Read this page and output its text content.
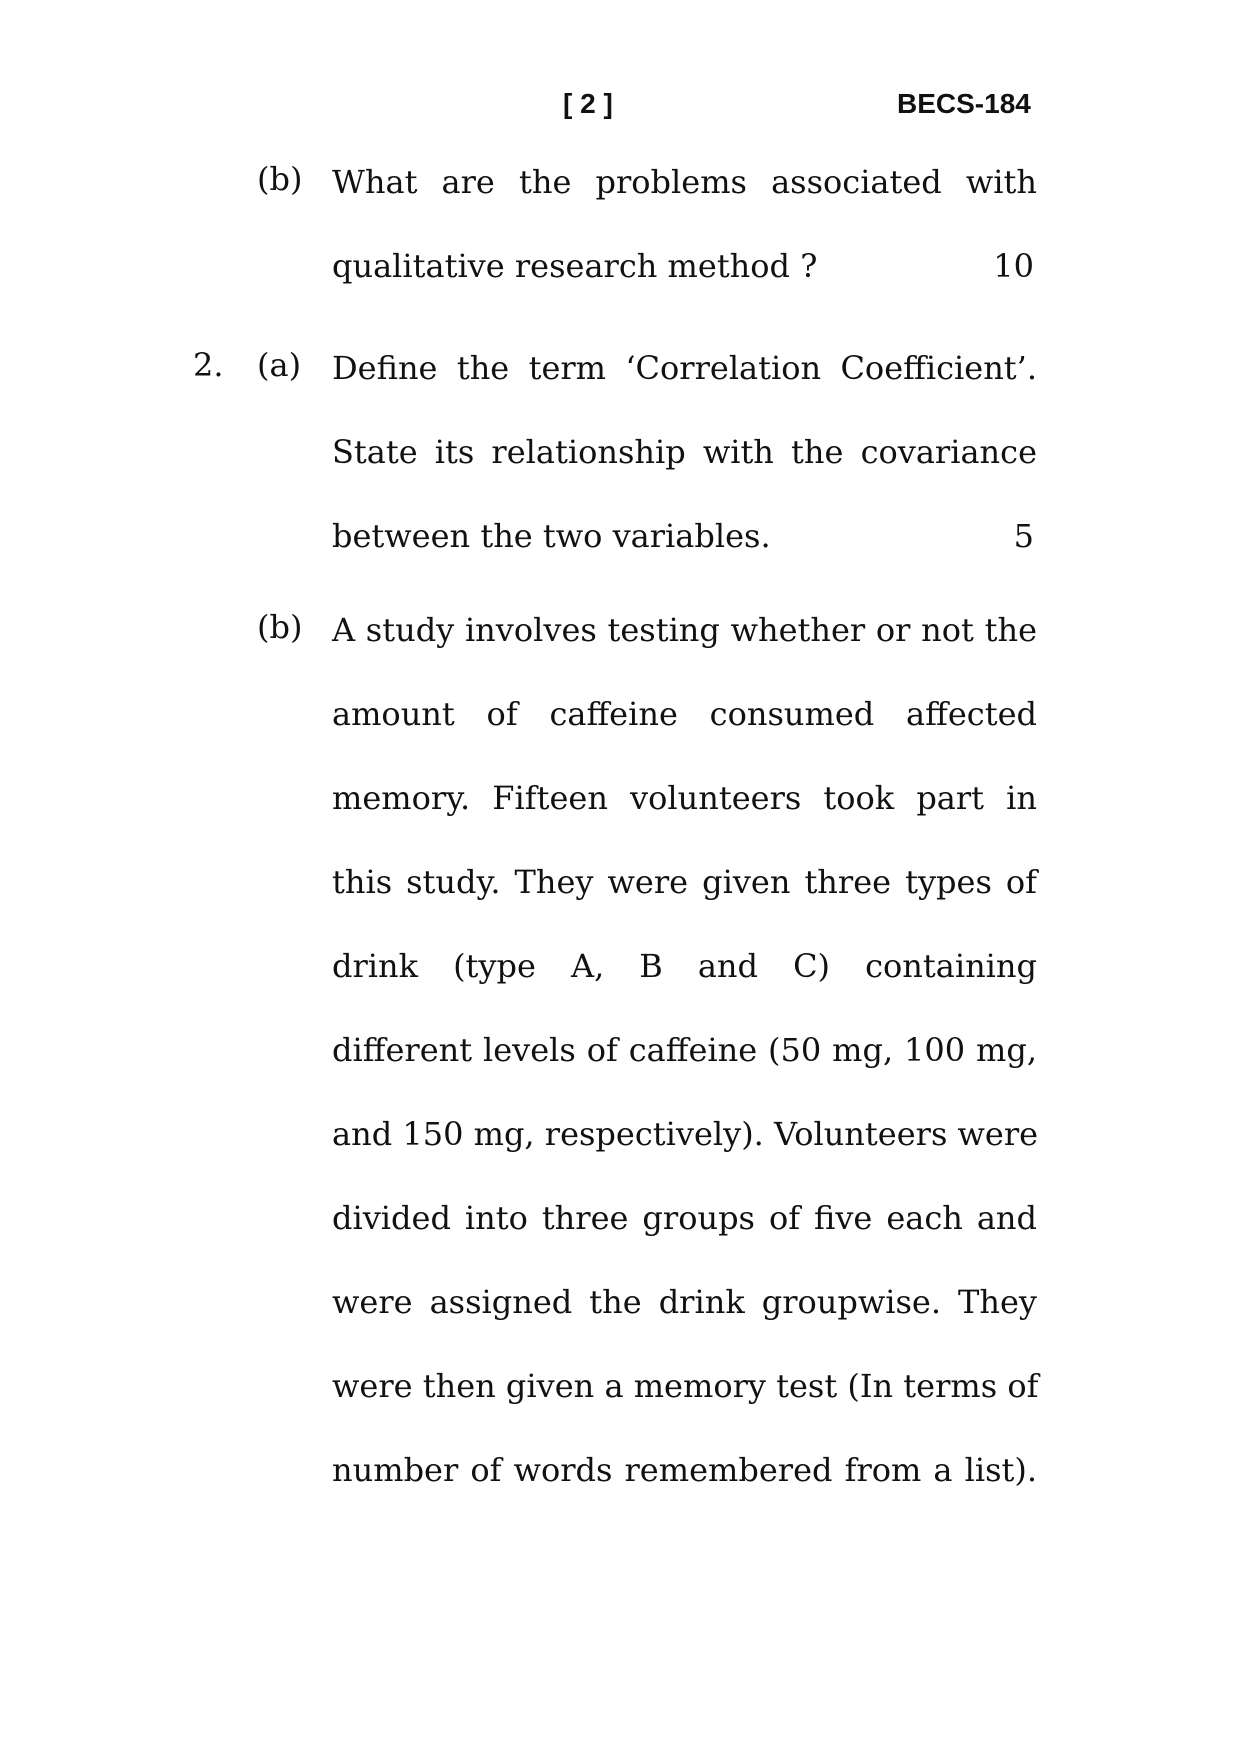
[ 2 ]	BECS-184
(b) What are the problems associated with
qualitative research method ?	10
2. (a) Define the term ‘Correlation Coefficient’.
State its relationship with the covariance
between the two variables.	5
(b) A study involves testing whether or not the
amount of caffeine consumed affected
memory. Fifteen volunteers took part in
this study. They were given three types of
drink (type A, B and C) containing
different levels of caffeine (50 mg, 100 mg,
and 150 mg, respectively). Volunteers were
divided into three groups of five each and
were assigned the drink groupwise. They
were then given a memory test (In terms of
number of words remembered from a list).
